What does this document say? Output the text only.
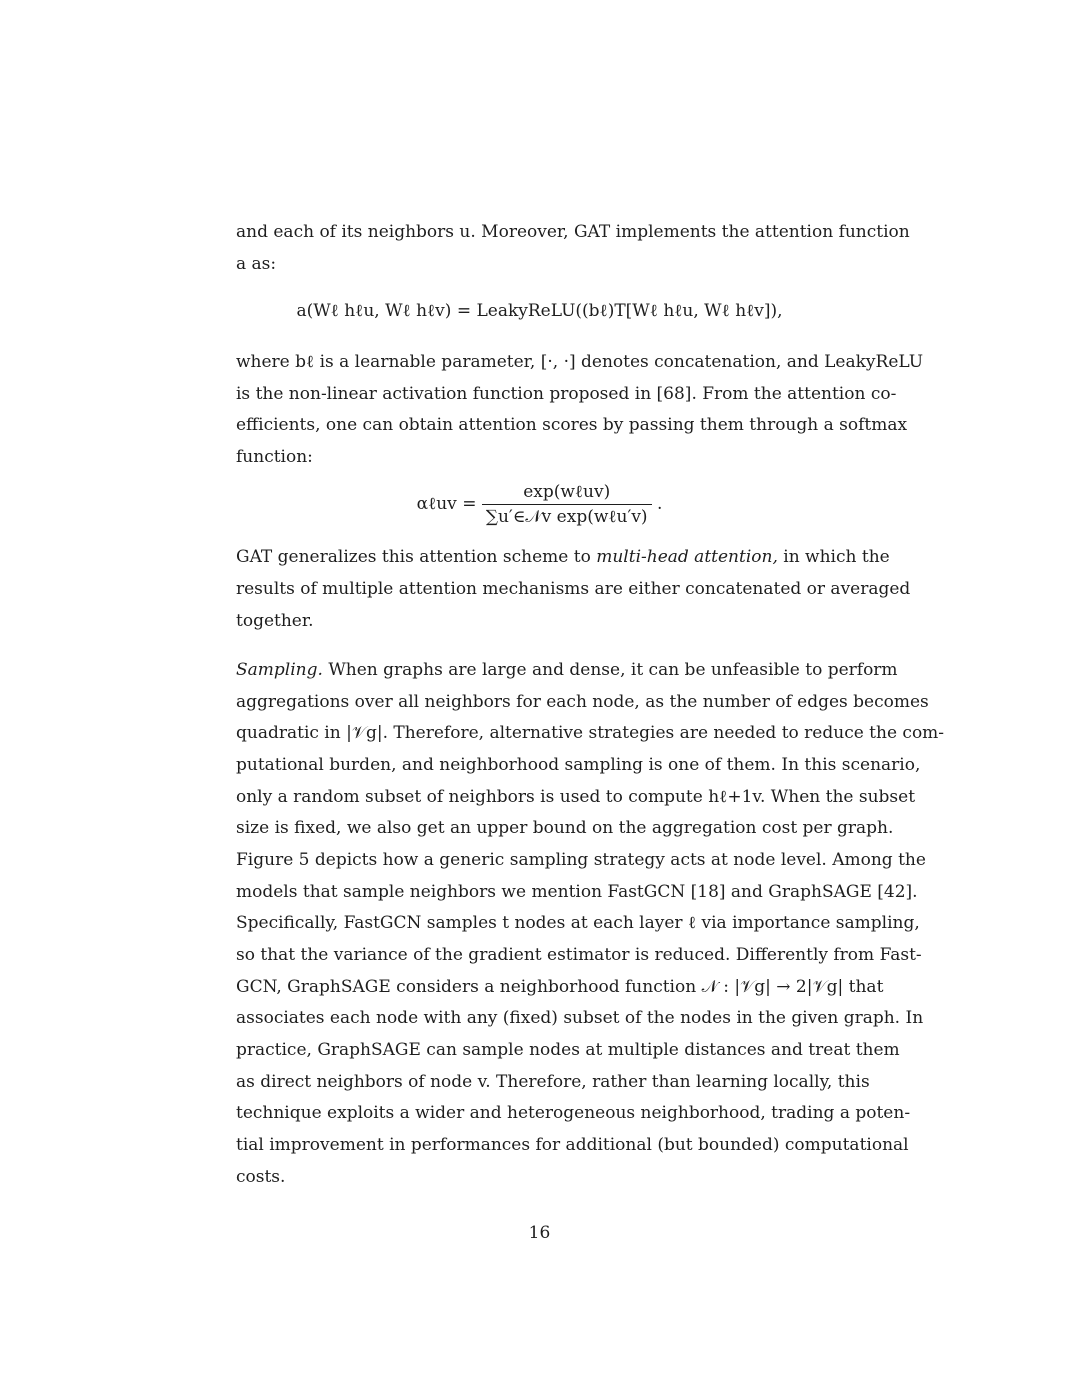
and each of its neighbors u. Moreover, GAT implements the attention function
a as:
a(Wℓ hℓu, Wℓ hℓv) = LeakyReLU((bℓ)T[Wℓ hℓu, Wℓ hℓv]),
where bℓ is a learnable parameter, [·, ·] denotes concatenation, and LeakyReLU
is the non-linear activation function proposed in [68]. From the attention co-
efficients, one can obtain attention scores by passing them through a softmax
function:
αℓuv = $\frac{\text{exp(wℓuv)}}{\text{∑u′∈𝒩v exp(wℓu′v)}}$ .
GAT generalizes this attention scheme to multi-head attention, in which the
results of multiple attention mechanisms are either concatenated or averaged
together.
Sampling. When graphs are large and dense, it can be unfeasible to perform
aggregations over all neighbors for each node, as the number of edges becomes
quadratic in |𝒱g|. Therefore, alternative strategies are needed to reduce the com-
putational burden, and neighborhood sampling is one of them. In this scenario,
only a random subset of neighbors is used to compute hℓ+1v. When the subset
size is fixed, we also get an upper bound on the aggregation cost per graph.
Figure 5 depicts how a generic sampling strategy acts at node level. Among the
models that sample neighbors we mention FastGCN [18] and GraphSAGE [42].
Specifically, FastGCN samples t nodes at each layer ℓ via importance sampling,
so that the variance of the gradient estimator is reduced. Differently from Fast-
GCN, GraphSAGE considers a neighborhood function 𝒩 : |𝒱g| → 2|𝒱g| that
associates each node with any (fixed) subset of the nodes in the given graph. In
practice, GraphSAGE can sample nodes at multiple distances and treat them
as direct neighbors of node v. Therefore, rather than learning locally, this
technique exploits a wider and heterogeneous neighborhood, trading a poten-
tial improvement in performances for additional (but bounded) computational
costs.
16
